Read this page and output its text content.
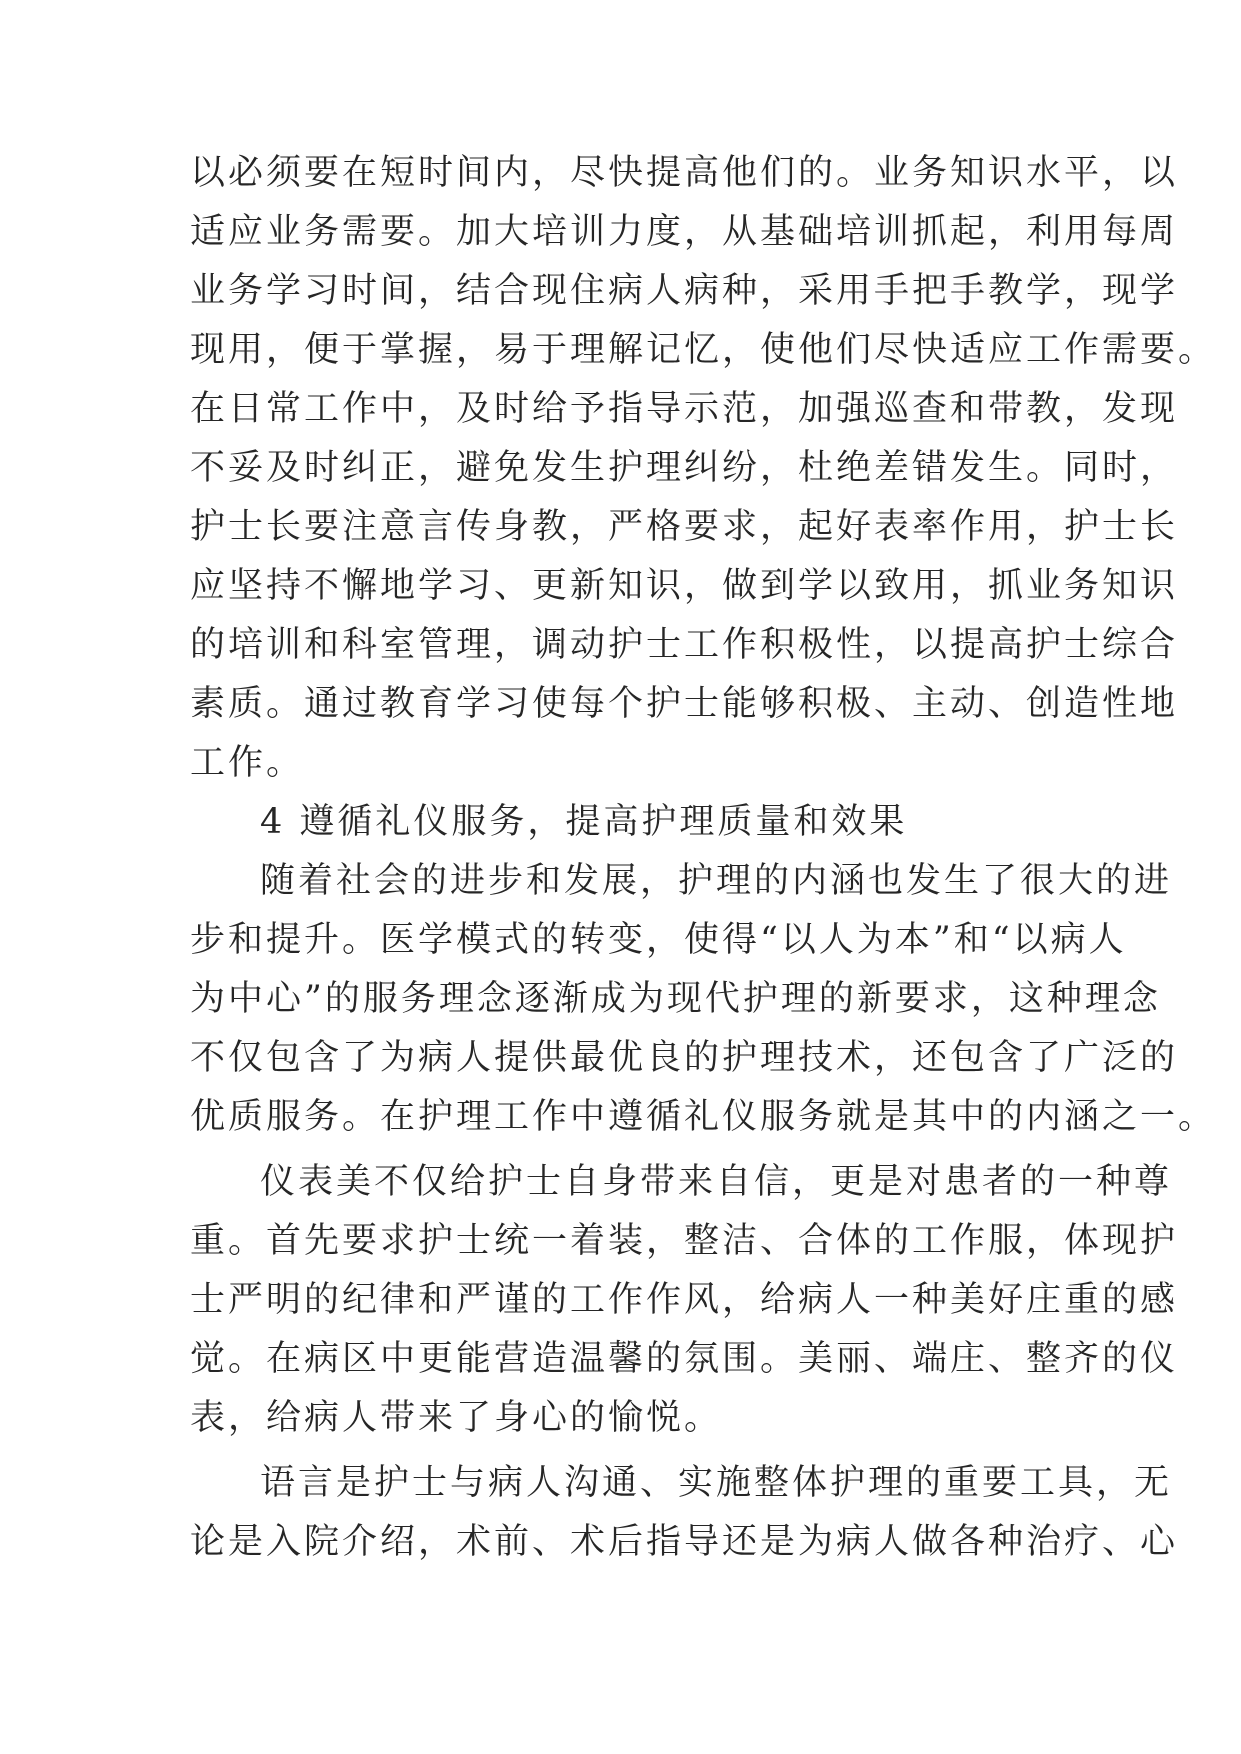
以必须要在短时间内，尽快提高他们的。业务知识水平，以
适应业务需要。加大培训力度，从基础培训抓起，利用每周
业务学习时间，结合现住病人病种，采用手把手教学，现学
现用，便于掌握，易于理解记忆，使他们尽快适应工作需要。
在日常工作中，及时给予指导示范，加强巡查和带教，发现
不妥及时纠正，避免发生护理纠纷，杜绝差错发生。同时，
护士长要注意言传身教，严格要求，起好表率作用，护士长
应坚持不懈地学习、更新知识，做到学以致用，抓业务知识
的培训和科室管理，调动护士工作积极性，以提高护士综合
素质。通过教育学习使每个护士能够积极、主动、创造性地
工作。
4 遵循礼仪服务，提高护理质量和效果
随着社会的进步和发展，护理的内涵也发生了很大的进
步和提升。医学模式的转变，使得“以人为本”和“以病人
为中心”的服务理念逐渐成为现代护理的新要求，这种理念
不仅包含了为病人提供最优良的护理技术，还包含了广泛的
优质服务。在护理工作中遵循礼仪服务就是其中的内涵之一。
仪表美不仅给护士自身带来自信，更是对患者的一种尊
重。首先要求护士统一着装，整洁、合体的工作服，体现护
士严明的纪律和严谨的工作作风，给病人一种美好庄重的感
觉。在病区中更能营造温馨的氛围。美丽、端庄、整齐的仪
表，给病人带来了身心的愉悦。
语言是护士与病人沟通、实施整体护理的重要工具，无
论是入院介绍，术前、术后指导还是为病人做各种治疗、心
